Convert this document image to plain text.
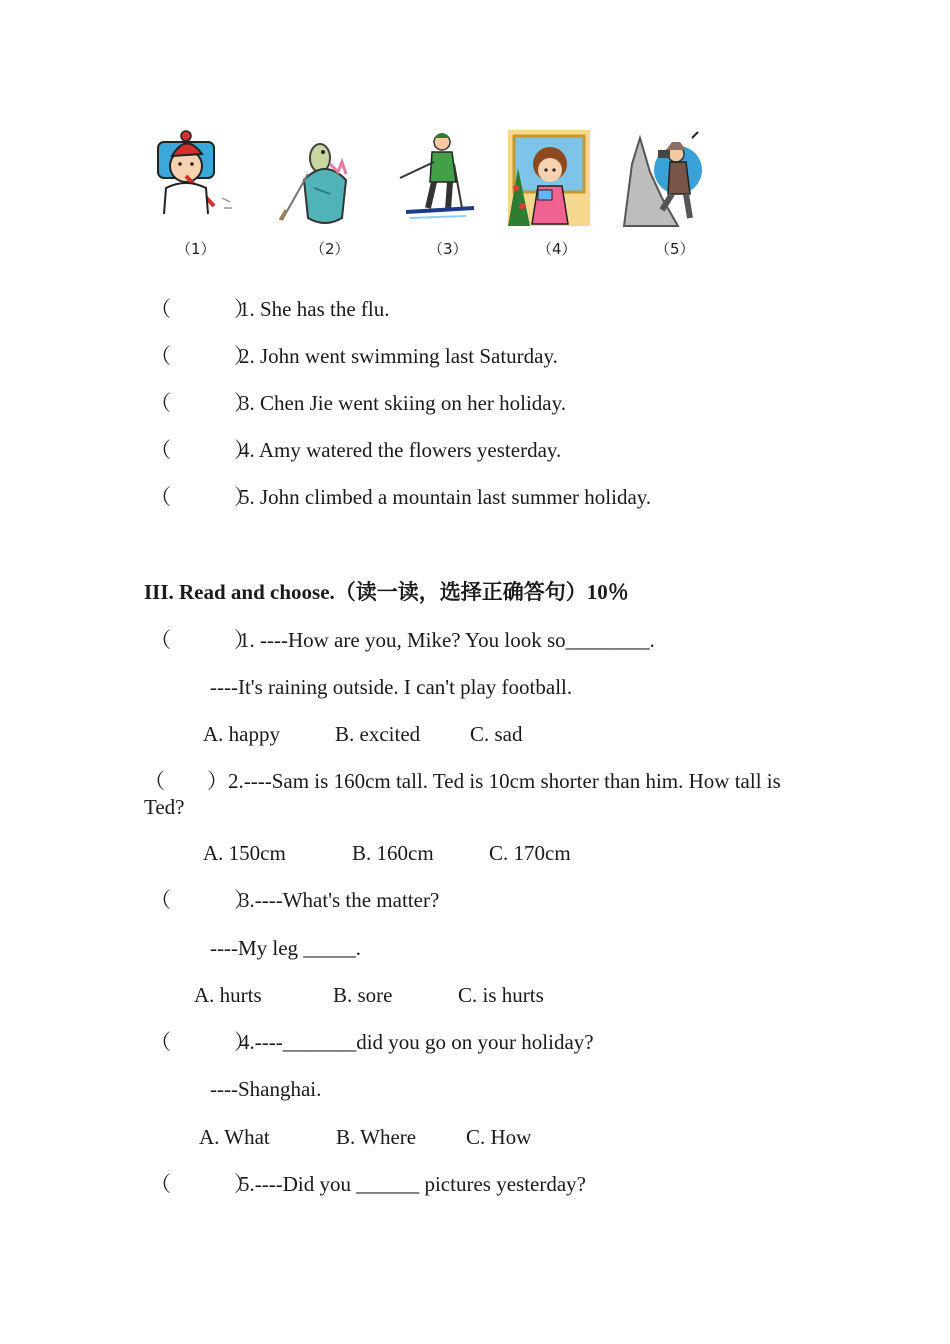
（1）	（2）	（3）	（4）	（5）
（　　　）
1. She has the flu.
（　　　）
2. John went swimming last Saturday.
（　　　）
3. Chen Jie went skiing on her holiday.
（　　　）
4. Amy watered the flowers yesterday.
（　　　）
5. John climbed a mountain last summer holiday.
III. Read and choose.（读一读，选择正确答句）10％
（　　　）
1. ----How are you, Mike? You look so________.
----It's raining outside. I can't play football.
A. happy	B. excited C. sad
（　　）2.----Sam is 160cm tall. Ted is 10cm shorter than him. How tall is Ted?
A. 150cm	B. 160cm	C. 170cm
（　　　）
3.----What's the matter?
----My leg _____.
A. hurts	B. sore	C. is hurts
（　　　）
4.----_______did you go on your holiday?
----Shanghai.
A. What	B. Where C. How
（　　　）
5.----Did you ______ pictures yesterday?
